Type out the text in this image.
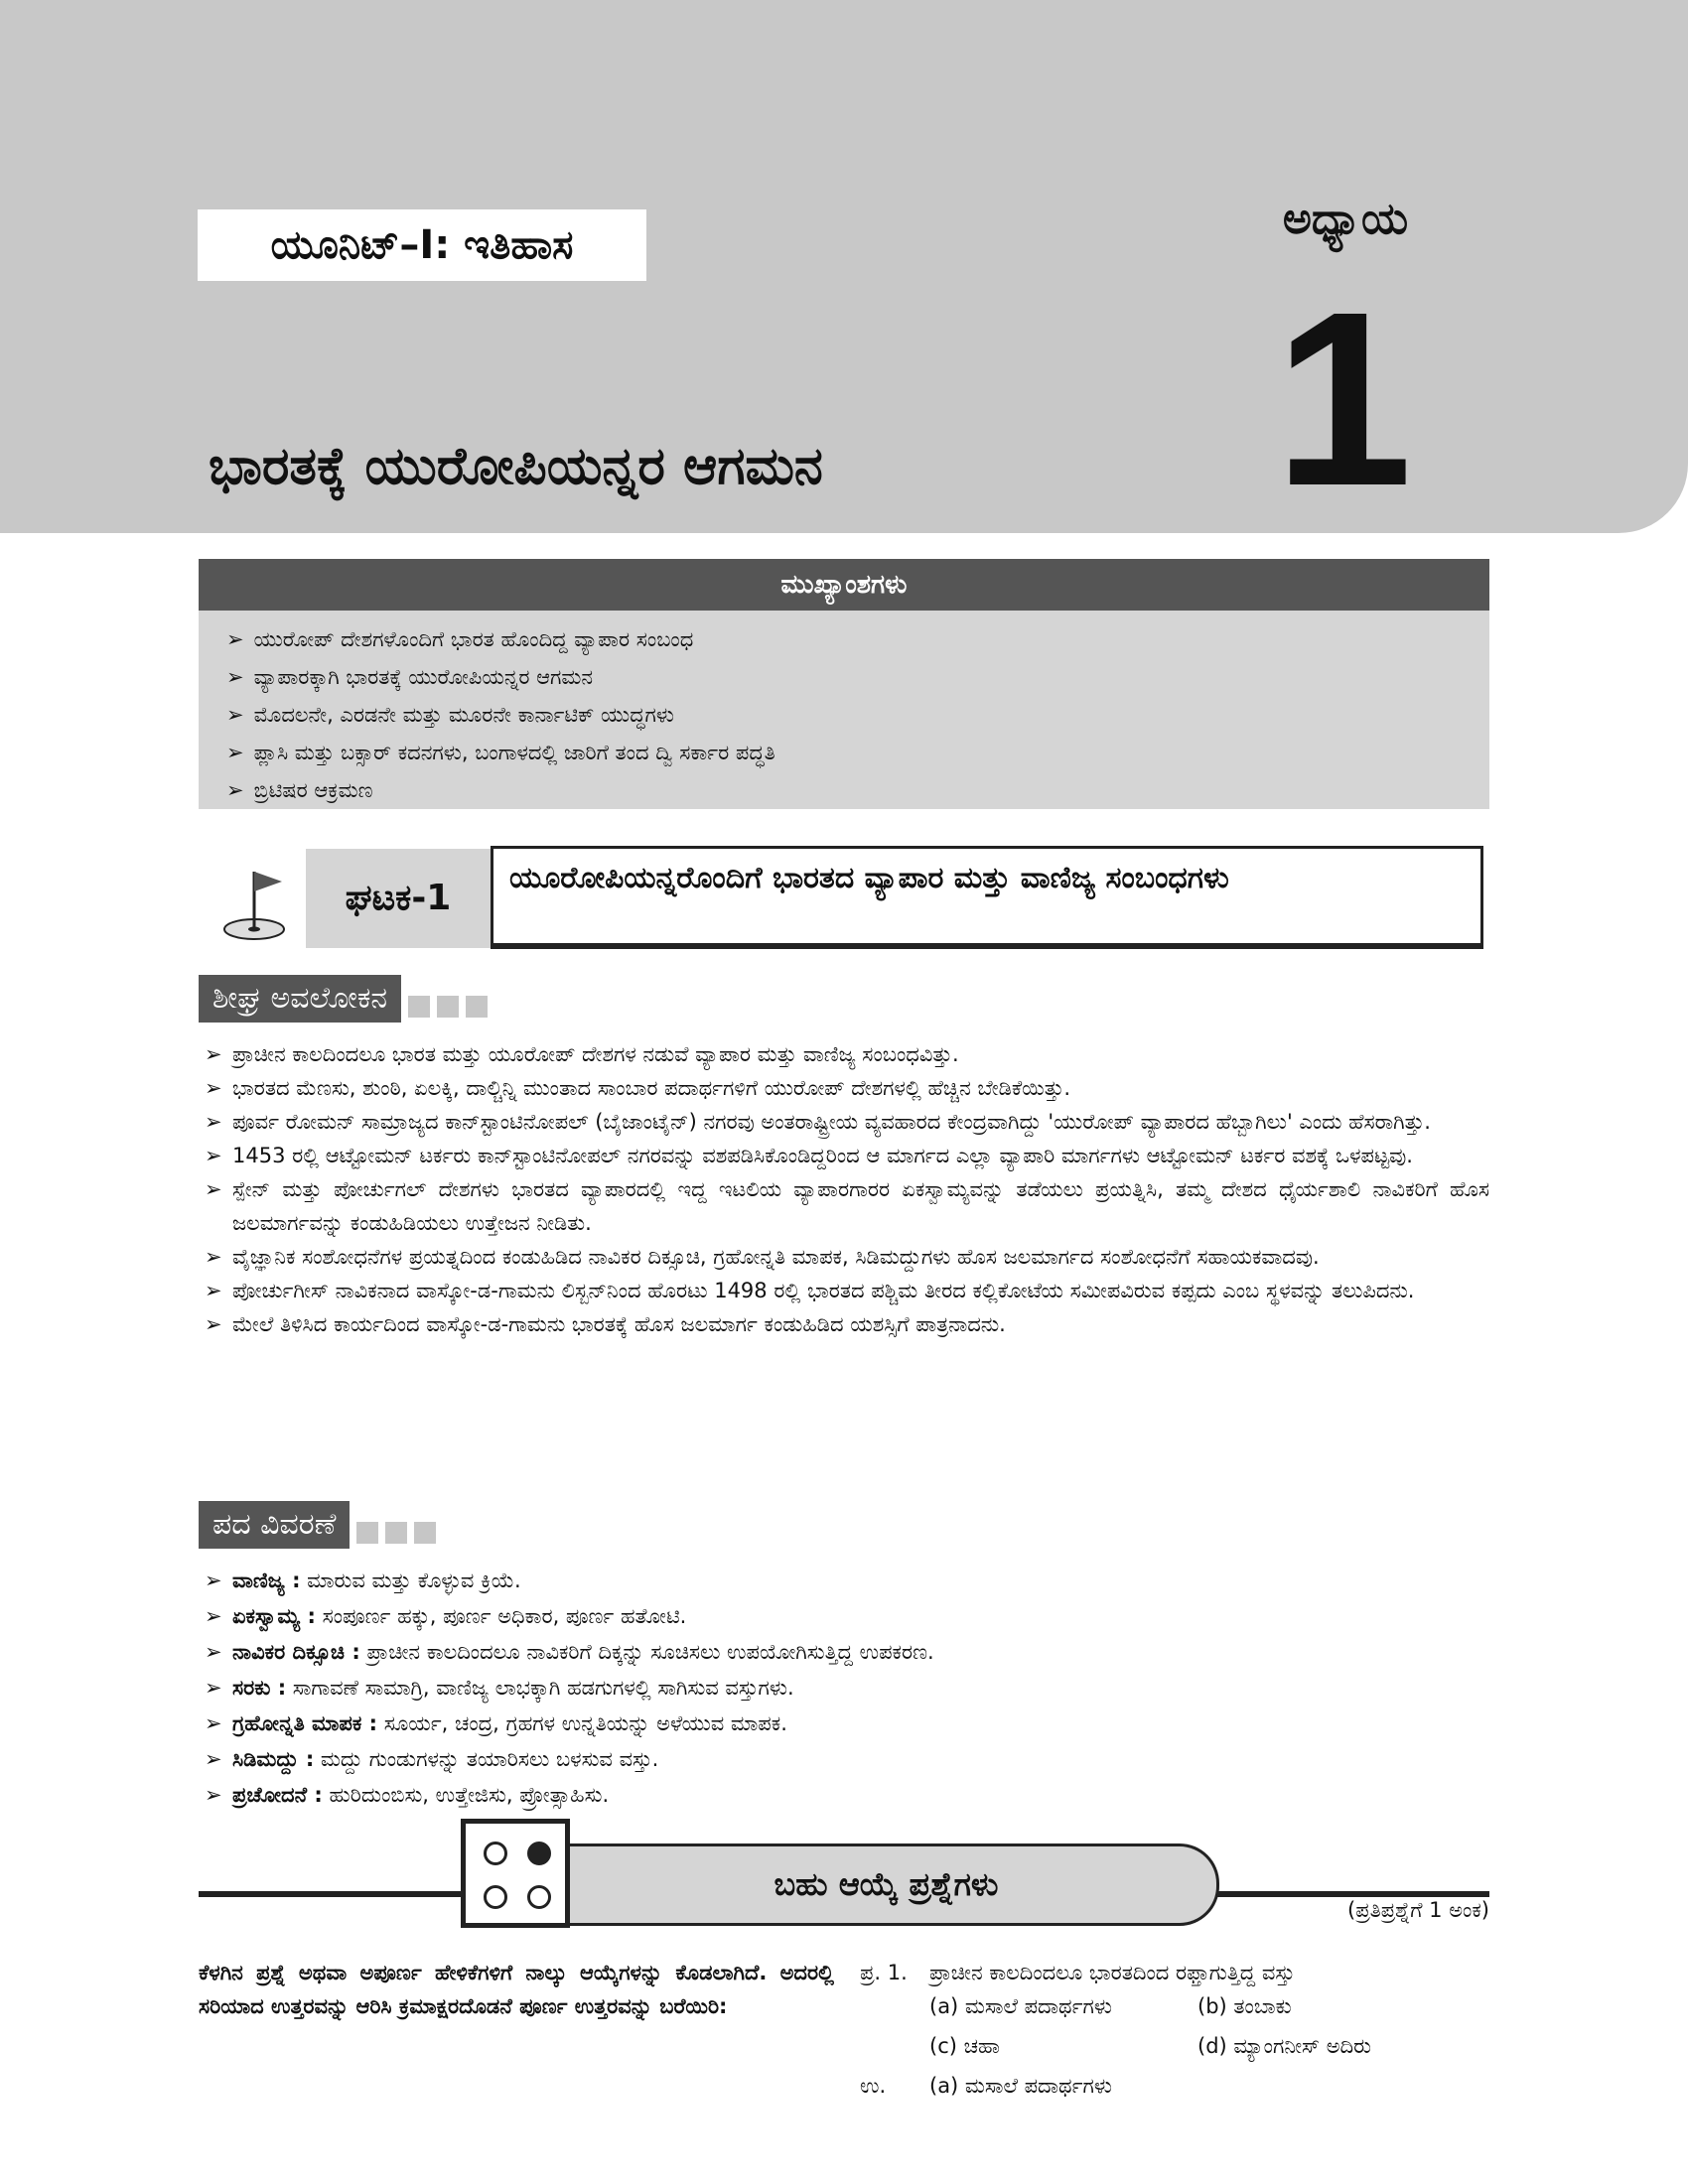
ಯೂನಿಟ್–I: ಇತಿಹಾಸ
ಅಧ್ಯಾಯ
1
ಭಾರತಕ್ಕೆ ಯುರೋಪಿಯನ್ನರ ಆಗಮನ
ಮುಖ್ಯಾಂಶಗಳು
➢ ಯುರೋಪ್ ದೇಶಗಳೊಂದಿಗೆ ಭಾರತ ಹೊಂದಿದ್ದ ವ್ಯಾಪಾರ ಸಂಬಂಧ
➢ ವ್ಯಾಪಾರಕ್ಕಾಗಿ ಭಾರತಕ್ಕೆ ಯುರೋಪಿಯನ್ನರ ಆಗಮನ
➢ ಮೊದಲನೇ, ಎರಡನೇ ಮತ್ತು ಮೂರನೇ ಕಾರ್ನಾಟಿಕ್ ಯುದ್ಧಗಳು
➢ ಪ್ಲಾಸಿ ಮತ್ತು ಬಕ್ಸಾರ್ ಕದನಗಳು, ಬಂಗಾಳದಲ್ಲಿ ಜಾರಿಗೆ ತಂದ ದ್ವಿ ಸರ್ಕಾರ ಪದ್ಧತಿ
➢ ಬ್ರಿಟಿಷರ ಆಕ್ರಮಣ
ಘಟಕ-1	ಯೂರೋಪಿಯನ್ನರೊಂದಿಗೆ ಭಾರತದ ವ್ಯಾಪಾರ ಮತ್ತು ವಾಣಿಜ್ಯ ಸಂಬಂಧಗಳು
ಶೀಘ್ರ ಅವಲೋಕನ
➢ ಪ್ರಾಚೀನ ಕಾಲದಿಂದಲೂ ಭಾರತ ಮತ್ತು ಯೂರೋಪ್ ದೇಶಗಳ ನಡುವೆ ವ್ಯಾಪಾರ ಮತ್ತು ವಾಣಿಜ್ಯ ಸಂಬಂಧವಿತ್ತು.
➢ ಭಾರತದ ಮೆಣಸು, ಶುಂಠಿ, ಏಲಕ್ಕಿ, ದಾಲ್ಚಿನ್ನಿ ಮುಂತಾದ ಸಾಂಬಾರ ಪದಾರ್ಥಗಳಿಗೆ ಯುರೋಪ್ ದೇಶಗಳಲ್ಲಿ ಹೆಚ್ಚಿನ ಬೇಡಿಕೆಯಿತ್ತು.
➢ ಪೂರ್ವ ರೋಮನ್ ಸಾಮ್ರಾಜ್ಯದ ಕಾನ್‌ಸ್ಟಾಂಟಿನೋಪಲ್ (ಬೈಜಾಂಟೈನ್) ನಗರವು ಅಂತರಾಷ್ಟ್ರೀಯ ವ್ಯವಹಾರದ ಕೇಂದ್ರವಾಗಿದ್ದು 'ಯುರೋಪ್ ವ್ಯಾಪಾರದ ಹೆಬ್ಬಾಗಿಲು' ಎಂದು ಹೆಸರಾಗಿತ್ತು.
➢ 1453 ರಲ್ಲಿ ಆಟ್ಟೋಮನ್ ಟರ್ಕರು ಕಾನ್‌ಸ್ಟಾಂಟಿನೋಪಲ್ ನಗರವನ್ನು ವಶಪಡಿಸಿಕೊಂಡಿದ್ದರಿಂದ ಆ ಮಾರ್ಗದ ಎಲ್ಲಾ ವ್ಯಾಪಾರಿ ಮಾರ್ಗಗಳು ಆಟ್ಟೋಮನ್ ಟರ್ಕರ ವಶಕ್ಕೆ ಒಳಪಟ್ಟವು.
➢ ಸ್ಪೇನ್ ಮತ್ತು ಪೋರ್ಚುಗಲ್ ದೇಶಗಳು ಭಾರತದ ವ್ಯಾಪಾರದಲ್ಲಿ ಇದ್ದ ಇಟಲಿಯ ವ್ಯಾಪಾರಗಾರರ ಏಕಸ್ವಾಮ್ಯವನ್ನು ತಡೆಯಲು ಪ್ರಯತ್ನಿಸಿ, ತಮ್ಮ ದೇಶದ ಧೈರ್ಯಶಾಲಿ ನಾವಿಕರಿಗೆ ಹೊಸ ಜಲಮಾರ್ಗವನ್ನು ಕಂಡುಹಿಡಿಯಲು ಉತ್ತೇಜನ ನೀಡಿತು.
➢ ವೈಜ್ಞಾನಿಕ ಸಂಶೋಧನೆಗಳ ಪ್ರಯತ್ನದಿಂದ ಕಂಡುಹಿಡಿದ ನಾವಿಕರ ದಿಕ್ಸೂಚಿ, ಗ್ರಹೋನ್ನತಿ ಮಾಪಕ, ಸಿಡಿಮದ್ದುಗಳು ಹೊಸ ಜಲಮಾರ್ಗದ ಸಂಶೋಧನೆಗೆ ಸಹಾಯಕವಾದವು.
➢ ಪೋರ್ಚುಗೀಸ್ ನಾವಿಕನಾದ ವಾಸ್ಕೋ-ಡ-ಗಾಮನು ಲಿಸ್ಬನ್‌ನಿಂದ ಹೊರಟು 1498 ರಲ್ಲಿ ಭಾರತದ ಪಶ್ಚಿಮ ತೀರದ ಕಲ್ಲಿಕೋಟೆಯ ಸಮೀಪವಿರುವ ಕಪ್ಪದು ಎಂಬ ಸ್ಥಳವನ್ನು ತಲುಪಿದನು.
➢ ಮೇಲೆ ತಿಳಿಸಿದ ಕಾರ್ಯದಿಂದ ವಾಸ್ಕೋ-ಡ-ಗಾಮನು ಭಾರತಕ್ಕೆ ಹೊಸ ಜಲಮಾರ್ಗ ಕಂಡುಹಿಡಿದ ಯಶಸ್ಸಿಗೆ ಪಾತ್ರನಾದನು.
ಪದ ವಿವರಣೆ
➢ ವಾಣಿಜ್ಯ : ಮಾರುವ ಮತ್ತು ಕೊಳ್ಳುವ ಕ್ರಿಯೆ.
➢ ಏಕಸ್ವಾಮ್ಯ : ಸಂಪೂರ್ಣ ಹಕ್ಕು, ಪೂರ್ಣ ಅಧಿಕಾರ, ಪೂರ್ಣ ಹತೋಟಿ.
➢ ನಾವಿಕರ ದಿಕ್ಸೂಚಿ : ಪ್ರಾಚೀನ ಕಾಲದಿಂದಲೂ ನಾವಿಕರಿಗೆ ದಿಕ್ಕನ್ನು ಸೂಚಿಸಲು ಉಪಯೋಗಿಸುತ್ತಿದ್ದ ಉಪಕರಣ.
➢ ಸರಕು : ಸಾಗಾವಣೆ ಸಾಮಾಗ್ರಿ, ವಾಣಿಜ್ಯ ಲಾಭಕ್ಕಾಗಿ ಹಡಗುಗಳಲ್ಲಿ ಸಾಗಿಸುವ ವಸ್ತುಗಳು.
➢ ಗ್ರಹೋನ್ನತಿ ಮಾಪಕ : ಸೂರ್ಯ, ಚಂದ್ರ, ಗ್ರಹಗಳ ಉನ್ನತಿಯನ್ನು ಅಳೆಯುವ ಮಾಪಕ.
➢ ಸಿಡಿಮದ್ದು : ಮದ್ದು ಗುಂಡುಗಳನ್ನು ತಯಾರಿಸಲು ಬಳಸುವ ವಸ್ತು.
➢ ಪ್ರಚೋದನೆ : ಹುರಿದುಂಬಿಸು, ಉತ್ತೇಜಿಸು, ಪ್ರೋತ್ಸಾಹಿಸು.
ಬಹು ಆಯ್ಕೆ ಪ್ರಶ್ನೆಗಳು
(ಪ್ರತಿಪ್ರಶ್ನೆಗೆ 1 ಅಂಕ)
ಕೆಳಗಿನ ಪ್ರಶ್ನೆ ಅಥವಾ ಅಪೂರ್ಣ ಹೇಳಿಕೆಗಳಿಗೆ ನಾಲ್ಕು ಆಯ್ಕೆಗಳನ್ನು ಕೊಡಲಾಗಿದೆ. ಅದರಲ್ಲಿ ಸರಿಯಾದ ಉತ್ತರವನ್ನು ಆರಿಸಿ ಕ್ರಮಾಕ್ಷರದೊಡನೆ ಪೂರ್ಣ ಉತ್ತರವನ್ನು ಬರೆಯಿರಿ:
ಪ್ರ. 1.	ಪ್ರಾಚೀನ ಕಾಲದಿಂದಲೂ ಭಾರತದಿಂದ ರಫ್ತಾಗುತ್ತಿದ್ದ ವಸ್ತು
(a) ಮಸಾಲೆ ಪದಾರ್ಥಗಳು	(b) ತಂಬಾಕು
(c) ಚಹಾ	(d) ಮ್ಯಾಂಗನೀಸ್ ಅದಿರು
ಉ.	(a) ಮಸಾಲೆ ಪದಾರ್ಥಗಳು
